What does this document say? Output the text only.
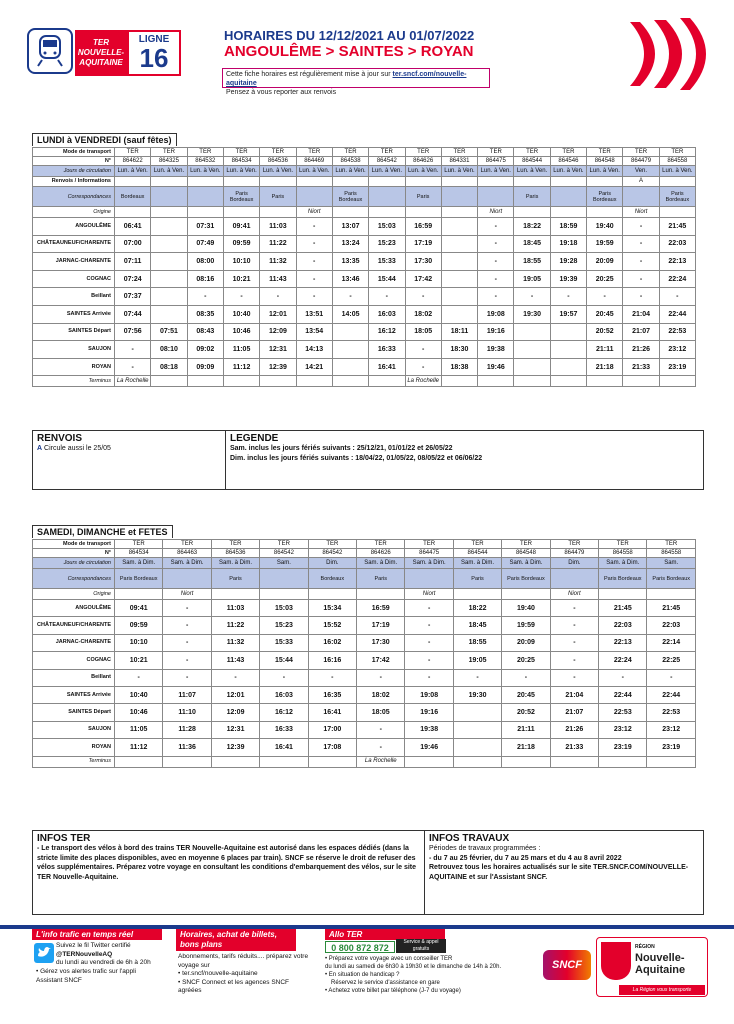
TER
NOUVELLE-
AQUITAINE
LIGNE
16
HORAIRES DU 12/12/2021 AU 01/07/2022
ANGOULÊME > SAINTES > ROYAN
Cette fiche horaires est régulièrement mise à jour sur ter.sncf.com/nouvelle-aquitaine
Pensez à vous reporter aux renvois
LUNDI à VENDREDI (sauf fêtes)
Mode de transport	TER	TER	TER	TER	TER	TER	TER	TER	TER	TER	TER	TER	TER	TER	TER	TER
N°	864622	864325	864532	864534	864536	864469	864538	864542	864626	864331	864475	864544	864546	864548	864479	864558
Jours de circulation	Lun. à Ven.	Lun. à Ven.	Lun. à Ven.	Lun. à Ven.	Lun. à Ven.	Lun. à Ven.	Lun. à Ven.	Lun. à Ven.	Lun. à Ven.	Lun. à Ven.	Lun. à Ven.	Lun. à Ven.	Lun. à Ven.	Lun. à Ven.	Ven.	Lun. à Ven.
Renvois / Informations															A	
Correspondances	Bordeaux			Paris Bordeaux	Paris		Paris Bordeaux		Paris			Paris		Paris Bordeaux		Paris Bordeaux
Origine						Niort					Niort				Niort	
ANGOULÊME	06:41		07:31	09:41	11:03	-	13:07	15:03	16:59		-	18:22	18:59	19:40	-	21:45
CHÂTEAUNEUF/CHARENTE	07:00		07:49	09:59	11:22	-	13:24	15:23	17:19		-	18:45	19:18	19:59	-	22:03
JARNAC-CHARENTE	07:11		08:00	10:10	11:32	-	13:35	15:33	17:30		-	18:55	19:28	20:09	-	22:13
COGNAC	07:24		08:16	10:21	11:43	-	13:46	15:44	17:42		-	19:05	19:39	20:25	-	22:24
Beillant	07:37		-	-	-	-	-	-	-		-	-	-	-	-	-
SAINTES Arrivée	07:44		08:35	10:40	12:01	13:51	14:05	16:03	18:02		19:08	19:30	19:57	20:45	21:04	22:44
SAINTES Départ	07:56	07:51	08:43	10:46	12:09	13:54		16:12	18:05	18:11	19:16			20:52	21:07	22:53
SAUJON	-	08:10	09:02	11:05	12:31	14:13		16:33	-	18:30	19:38			21:11	21:26	23:12
ROYAN	-	08:18	09:09	11:12	12:39	14:21		16:41	-	18:38	19:46			21:18	21:33	23:19
Terminus	La Rochelle								La Rochelle							
RENVOIS
A Circule aussi le 25/05
LEGENDE
Sam. inclus les jours fériés suivants : 25/12/21, 01/01/22 et 26/05/22
Dim. inclus les jours fériés suivants : 18/04/22, 01/05/22, 08/05/22 et 06/06/22
SAMEDI, DIMANCHE et FETES
Mode de transport	TER	TER	TER	TER	TER	TER	TER	TER	TER	TER	TER	TER
N°	864534	864463	864536	864542	864542	864626	864475	864544	864548	864479	864558	864558
Jours de circulation	Sam. à Dim.	Sam. à Dim.	Sam. à Dim.	Sam.	Dim.	Sam. à Dim.	Sam. à Dim.	Sam. à Dim.	Sam. à Dim.	Dim.	Sam. à Dim.	Sam.
Correspondances	Paris Bordeaux		Paris		Bordeaux	Paris		Paris	Paris Bordeaux		Paris Bordeaux	Paris Bordeaux
Origine		Niort					Niort			Niort		
ANGOULÊME	09:41	-	11:03	15:03	15:34	16:59	-	18:22	19:40	-	21:45	21:45
CHÂTEAUNEUF/CHARENTE	09:59	-	11:22	15:23	15:52	17:19	-	18:45	19:59	-	22:03	22:03
JARNAC-CHARENTE	10:10	-	11:32	15:33	16:02	17:30	-	18:55	20:09	-	22:13	22:14
COGNAC	10:21	-	11:43	15:44	16:16	17:42	-	19:05	20:25	-	22:24	22:25
Beillant	-	-	-	-	-	-	-	-	-	-	-	-
SAINTES Arrivée	10:40	11:07	12:01	16:03	16:35	18:02	19:08	19:30	20:45	21:04	22:44	22:44
SAINTES Départ	10:46	11:10	12:09	16:12	16:41	18:05	19:16		20:52	21:07	22:53	22:53
SAUJON	11:05	11:28	12:31	16:33	17:00	-	19:38		21:11	21:26	23:12	23:12
ROYAN	11:12	11:36	12:39	16:41	17:08	-	19:46		21:18	21:33	23:19	23:19
Terminus						La Rochelle						
INFOS TER
- Le transport des vélos à bord des trains TER Nouvelle-Aquitaine est autorisé dans les espaces dédiés (dans la stricte limite des places disponibles, avec en moyenne 6 places par train). SNCF se réserve le droit de refuser des vélos supplémentaires. Préparez votre voyage en consultant les conditions d'embarquement des vélos, sur le site TER Nouvelle-Aquitaine.
INFOS TRAVAUX
Périodes de travaux programmées :
- du 7 au 25 février, du 7 au 25 mars et du 4 au 8 avril 2022
Retrouvez tous les horaires actualisés sur le site TER.SNCF.COM/NOUVELLE-AQUITAINE et sur l'Assistant SNCF.
L'info trafic en temps réel
Suivez le fil Twitter certifié
@TERNouvelleAQ
du lundi au vendredi de 6h à 20h
• Gérez vos alertes trafic sur l'appli
Assistant SNCF
Horaires, achat de billets, bons plans
Abonnements, tarifs réduits.... préparez votre voyage sur
• ter.sncf/nouvelle-aquitaine
• SNCF Connect et les agences SNCF agréées
Allo TER
0 800 872 872
Service & appel gratuits
• Préparez votre voyage avec un conseiller TER
du lundi au samedi de 6h30 à 19h30 et le dimanche de 14h à 20h.
• En situation de handicap ?
Réservez le service d'assistance en gare
• Achetez votre billet par téléphone (J-7 du voyage)
SNCF
RÉGION
Nouvelle-
Aquitaine
La Région vous transporte
